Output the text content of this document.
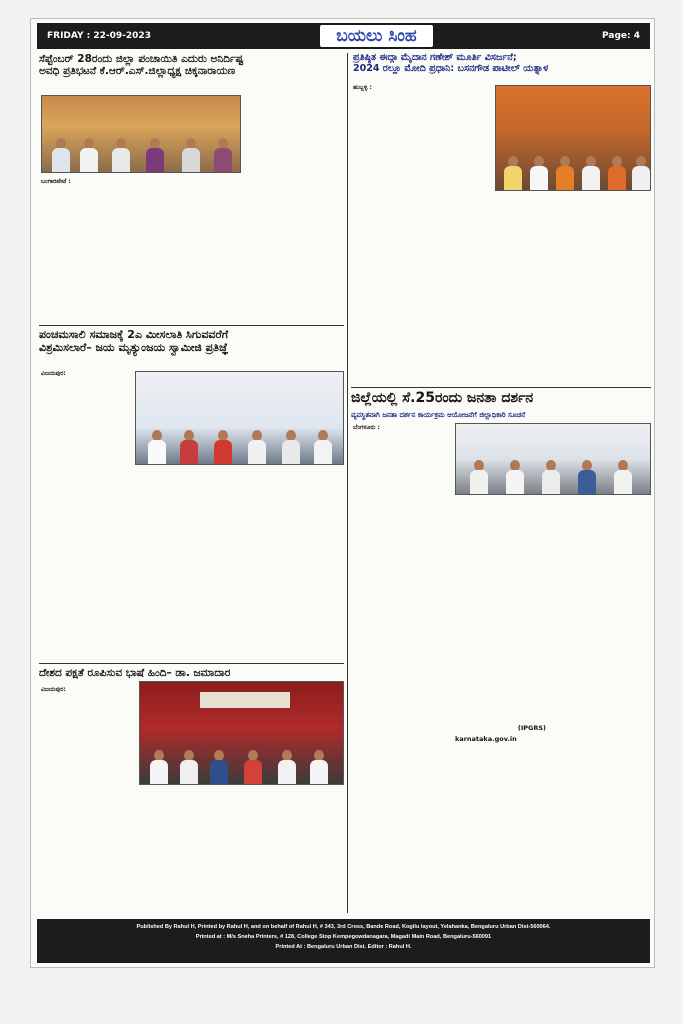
FRIDAY : 22-09-2023	ಬಯಲು ಸಿಂಹ	Page: 4
ಸೆಪ್ಟೆಂಬರ್ 28ರಂದು ಜಿಲ್ಲಾ ಪಂಚಾಯಿತಿ ಎದುರು ಅನಿರ್ದಿಷ್ಟ
ಅವಧಿ ಪ್ರತಿಭಟನೆ ಕೆ.ಆರ್.ಎಸ್.ಜಿಲ್ಲಾಧ್ಯಕ್ಷ ಚಿಕ್ಕನಾರಾಯಣ
ಬಂಗಾರಪೇಟೆ :
ಪಂಚಮಸಾಲಿ ಸಮಾಜಕ್ಕೆ 2ಎ ಮೀಸಲಾತಿ ಸಿಗುವವರೆಗೆ
ವಿಶ್ರಮಿಸಲಾರೆ– ಜಯ ಮೃತ್ಯುಂಜಯ ಸ್ವಾಮೀಜಿ ಪ್ರತಿಜ್ಞೆ
ವಿಜಯಪುರ:
ದೇಶದ ಪಕ್ಷತೆ ರೂಪಿಸುವ ಭಾಷೆ ಹಿಂದಿ– ಡಾ. ಜಮಾದಾರ
ವಿಜಯಪುರ:
ಪ್ರತಿಷ್ಠಿತ ಈದ್ಗಾ ಮೈದಾನ ಗಣೇಶ್ ಮೂರ್ತಿ ವಿಸರ್ಜನೆ;
2024 ರಲ್ಲೂ ಮೋದಿ ಪ್ರಧಾನಿ: ಬಸನಗೌಡ ಪಾಟೀಲ್ ಯತ್ನಾಳ
ಹುಬ್ಬಳ್ಳಿ :
ಜಿಲ್ಲೆಯಲ್ಲಿ ಸೆ.25ರಂದು ಜನತಾ ದರ್ಶನ
ವ್ಯವಸ್ಥಿತವಾಗಿ ಜನತಾ ದರ್ಶನ ಕಾರ್ಯಕ್ರಮ ಆಯೋಜನೆಗೆ ಜಿಲ್ಲಾಧಿಕಾರಿ ಸೂಚನೆ
ಬೆಂಗಳೂರು :
(IPGRS)
karnataka.gov.in
Published By Rahul H, Printed by Rahul H, and on behalf of Rahul H, # 343, 3rd Cross, Bande Road, Kogilu layout, Yelahanka, Bengaluru Urban Dist-560064.
Printed at : M/s Sneha Printers, # 128, College Stop Kempegowdanagara, Magadi Main Road, Bengaluru-560091
Printed At : Bengaluru Urban Dist. Editor : Rahul H.
